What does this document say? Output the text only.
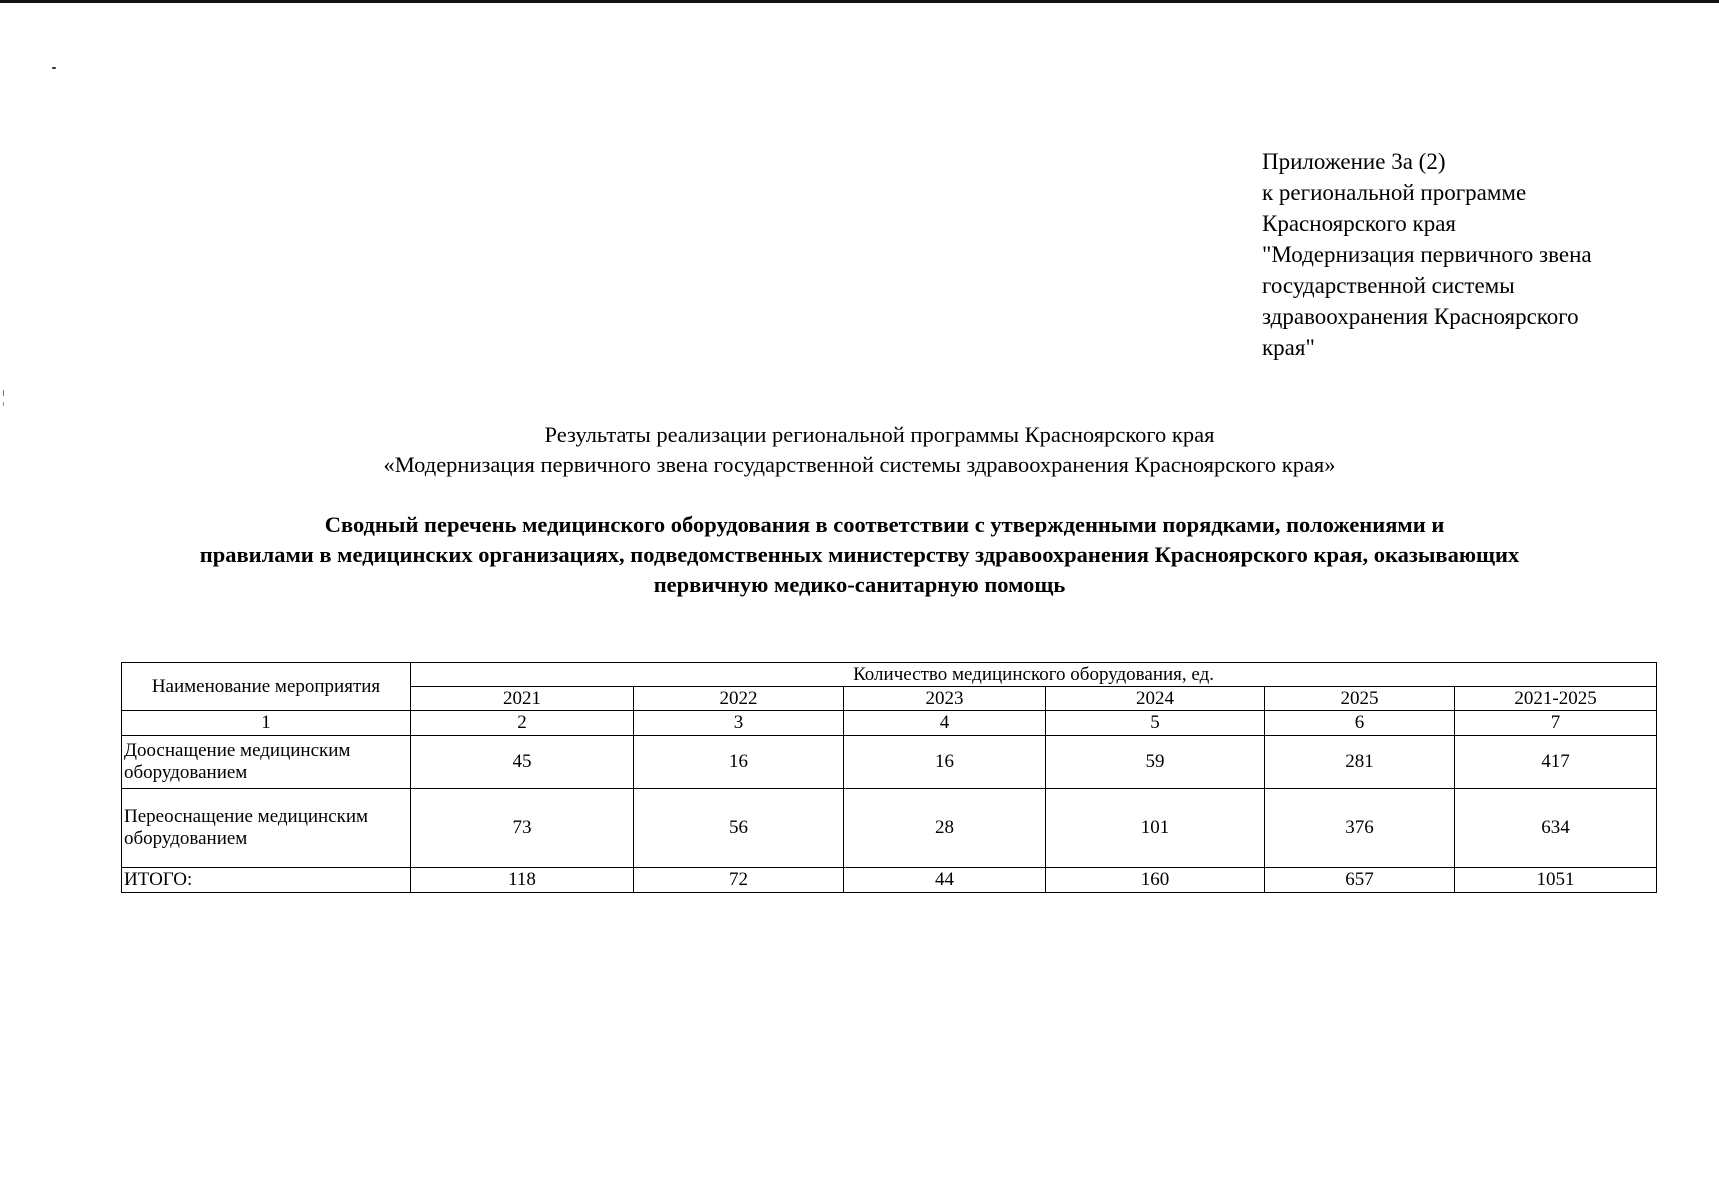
Приложение 3а (2)
к региональной программе
Красноярского края
"Модернизация первичного звена
государственной системы
здравоохранения Красноярского
края"
Результаты реализации региональной программы Красноярского края
«Модернизация первичного звена государственной системы здравоохранения Красноярского края»
Сводный перечень медицинского оборудования в соответствии с утвержденными порядками, положениями и
правилами в медицинских организациях, подведомственных министерству здравоохранения Красноярского края, оказывающих
первичную медико-санитарную помощь
Наименование мероприятия	Количество медицинского оборудования, ед.					
	2021	2022	2023	2024	2025	2021-2025
1	2	3	4	5	6	7

Дооснащение медицинским
оборудованием	45	16	16	59	281	417

Переоснащение медицинским
оборудованием	73	56	28	101	376	634
ИТОГО:	118	72	44	160	657	1051
